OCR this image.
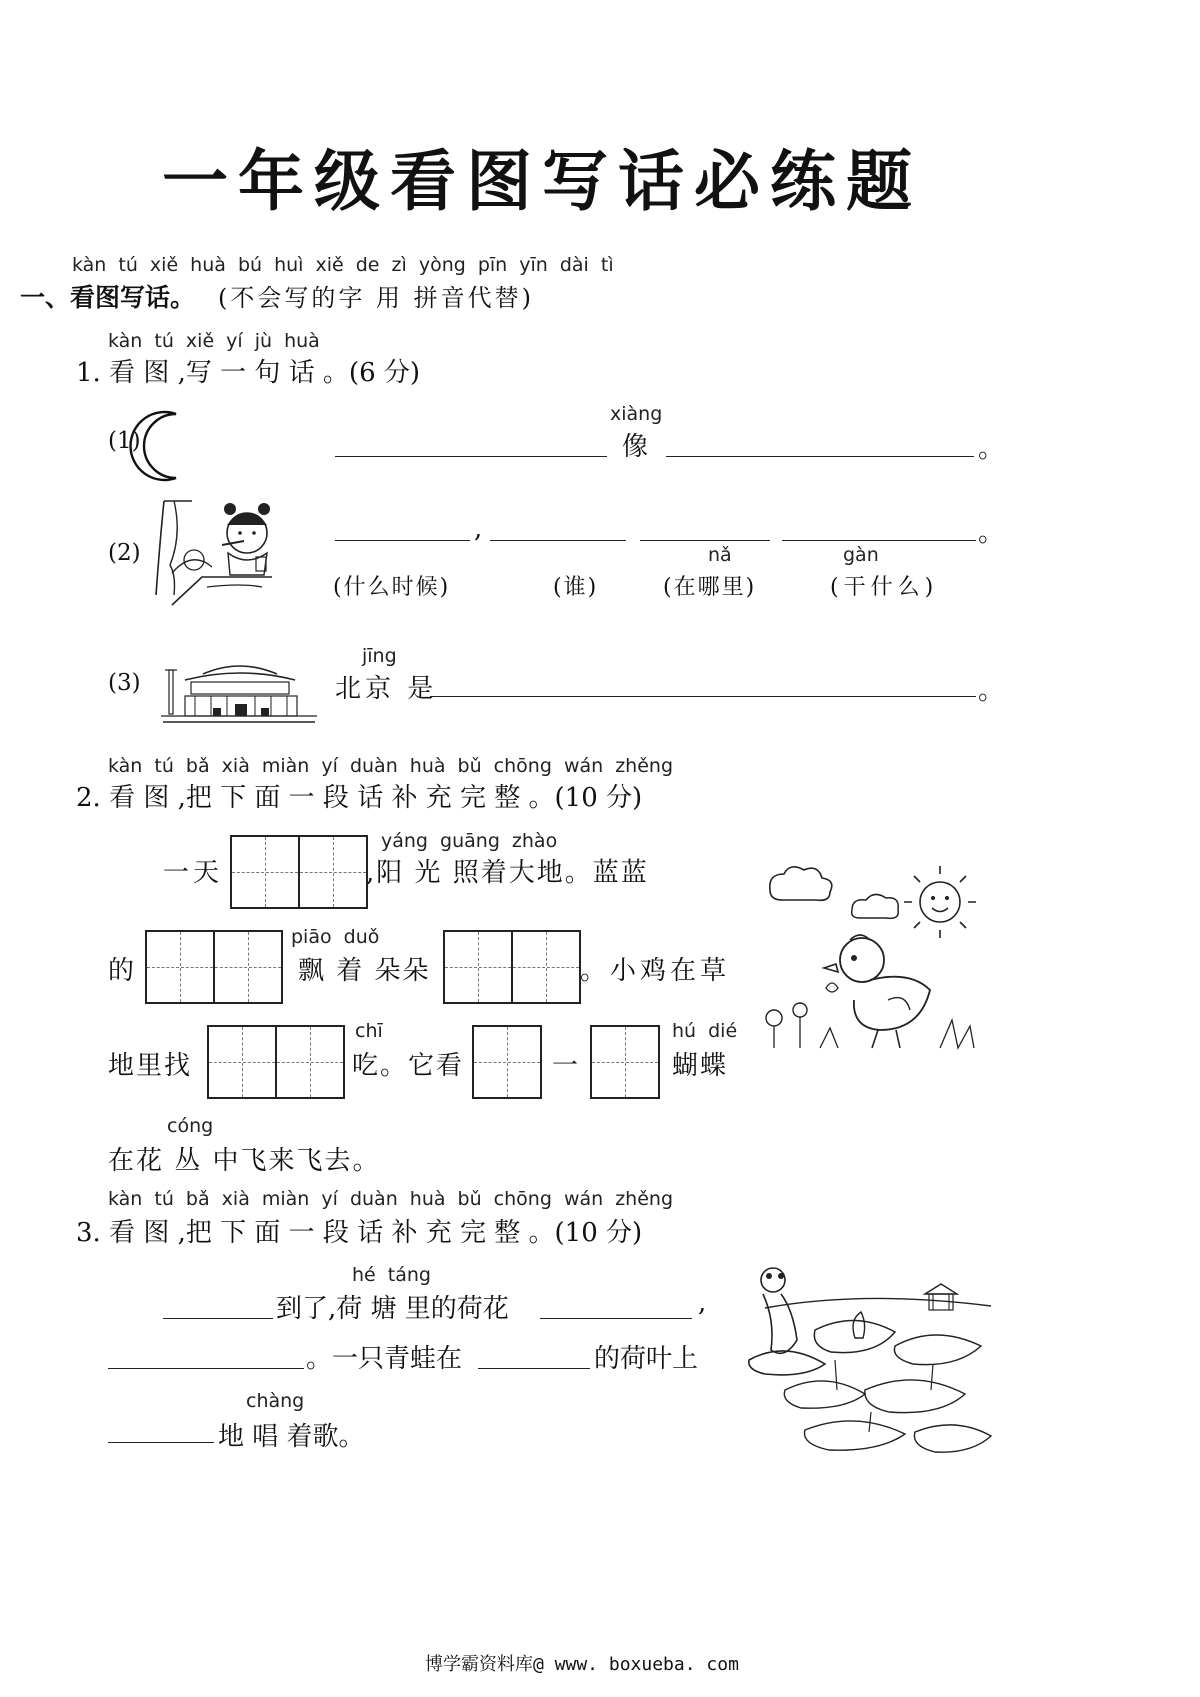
一年级看图写话必练题
kàn tú xiě huà bú huì xiě de zì yòng pīn yīn dài tì
一、看图写话。 (不会写的字 用 拼音代替)
kàn tú xiě yí jù huà
1. 看 图 ,写 一 句 话 。(6 分)
(1)
xiàng
像	。
(2)
,	。
nǎ	gàn
(什么时候)	(谁)	(在哪里)	(干什么)
(3)
jīng
北京 是	。
kàn tú bǎ xià miàn yí duàn huà bǔ chōng wán zhěng
2. 看 图 ,把 下 面 一 段 话 补 充 完 整 。(10 分)
一天
yáng guāng zhào
,阳 光 照着大地。蓝蓝
的
piāo duǒ
飘 着 朵朵	。小鸡在草
地里找
chī
吃。它看	一
hú dié
蝴蝶
cóng
在花 丛 中飞来飞去。
kàn tú bǎ xià miàn yí duàn huà bǔ chōng wán zhěng
3. 看 图 ,把 下 面 一 段 话 补 充 完 整 。(10 分)
hé táng
到了,荷 塘 里的荷花	,
。一只青蛙在	的荷叶上
chàng
地 唱 着歌。
博学霸资料库@ www. boxueba. com
